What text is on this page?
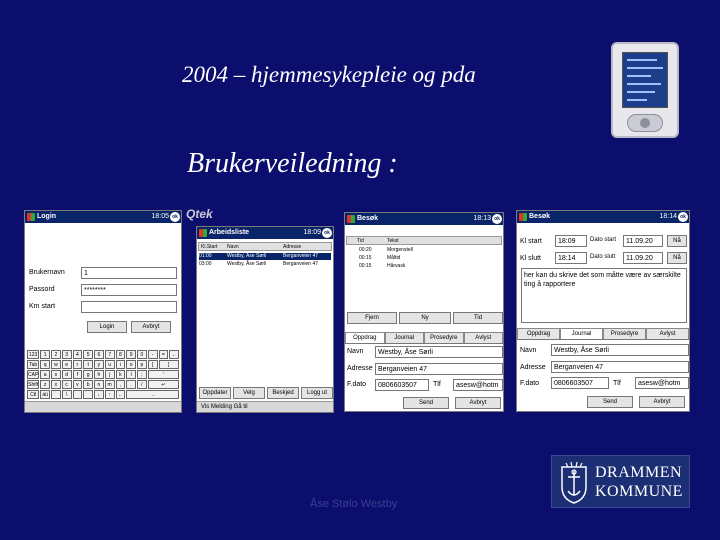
2004 – hjemmesykepleie og pda
Brukerveiledning :
Login	18:05 ok
Brukernavn	1
Passord	********
Km start
Login	Avbryt
123	1	2	3	4	5	6	7	8	9	0	-	=	←
Tab	q	w	e	r	t	y	u	i	o	p	[	]
CAP	a	s	d	f	g	h	j	k	l	;	'
Shift	z	x	c	v	b	n	m	,	.	/	↵
Ctl	áü	`	\	↓	↑	←	→

Qtek
Arbeidsliste	18:09 ok
Kl.Start Navn	Adresse
01:00	Westby, Åse Sørli	Berganveien 47
03:00	Westby, Åse Sørli	Berganveien 47
Oppdater	Velg	Beskjed	Logg ut
Vis Melding Gå til
Besøk	18:13 ok
Tid	Tekst
00:20	Morgenstell
00:15	Måltid
00:15	Hårvask
Fjern	Ny	Tid
Oppdrag	Journal	Prosedyre	Avlyst
Navn	Westby, Åse Sørli
Adresse Berganveien 47
F.dato	0806603507	Tlf	asesw@hotm
Send	Avbryt
Besøk	18:14 ok
Kl start	18:09	Dato start	11.09.20	Nå
Kl slutt	18:14	Dato slutt	11.09.20	Nå
her kan du skrive det som måtte være av særskilte ting å rapportere
Oppdrag	Journal	Prosedyre	Avlyst
Navn	Westby, Åse Sørli
Adresse	Berganveien 47
F.dato	0806603507	Tlf	asesw@hotm
Send	Avbryt
DRAMMEN
KOMMUNE
Åse Stølo Westby
